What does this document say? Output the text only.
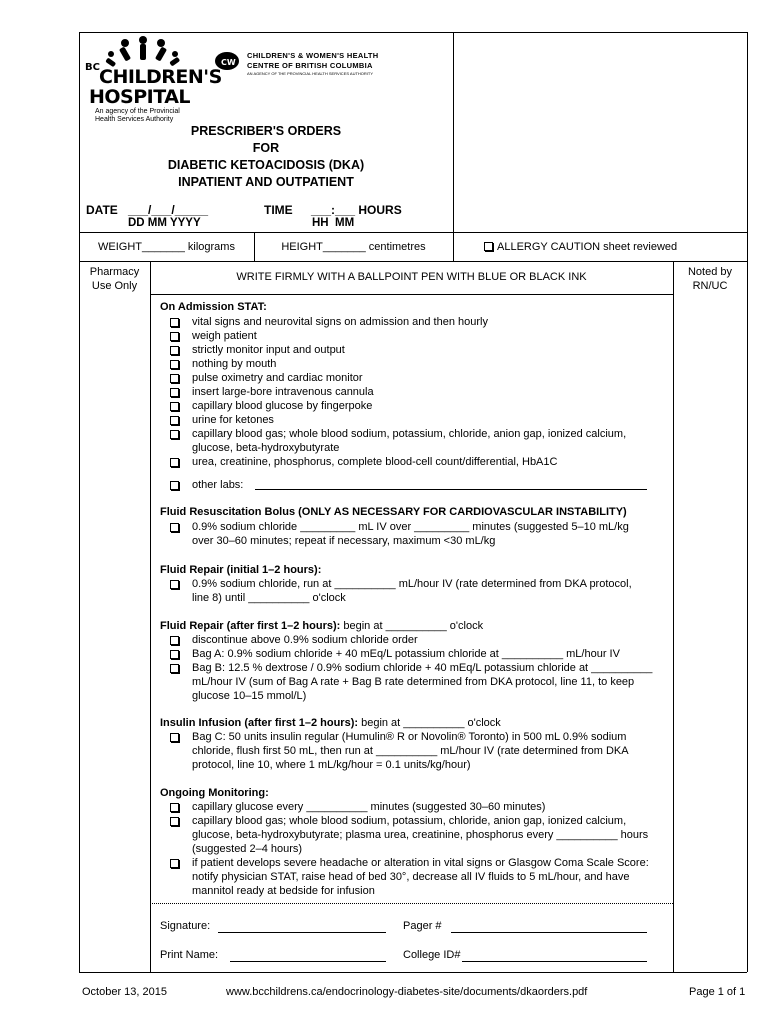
BC CHILDREN'S
HOSPITAL
An agency of the Provincial
Health Services Authority
CW
CHILDREN'S & WOMEN'S HEALTH
CENTRE OF BRITISH COLUMBIA
AN AGENCY OF THE PROVINCIAL HEALTH SERVICES AUTHORITY
PRESCRIBER'S ORDERS
FOR
DIABETIC KETOACIDOSIS (DKA)
INPATIENT AND OUTPATIENT
DATE ___/___/_____
DD MM YYYY
TIME ___:___ HOURS
HH  MM
WEIGHT_______ kilograms	HEIGHT_______ centimetres	ALLERGY CAUTION sheet reviewed
Pharmacy
Use Only
WRITE FIRMLY WITH A BALLPOINT PEN WITH BLUE OR BLACK INK	Noted by
RN/UC
On Admission STAT:
vital signs and neurovital signs on admission and then hourly
weigh patient
strictly monitor input and output
nothing by mouth
pulse oximetry and cardiac monitor
insert large-bore intravenous cannula
capillary blood glucose by fingerpoke
urine for ketones
capillary blood gas; whole blood sodium, potassium, chloride, anion gap, ionized calcium, glucose, beta-hydroxybutyrate
urea, creatinine, phosphorus, complete blood-cell count/differential, HbA1C
other labs:
Fluid Resuscitation Bolus (ONLY AS NECESSARY FOR CARDIOVASCULAR INSTABILITY)
0.9% sodium chloride _________ mL IV over _________ minutes (suggested 5–10 mL/kg over 30–60 minutes; repeat if necessary, maximum <30 mL/kg
Fluid Repair (initial 1–2 hours):
0.9% sodium chloride, run at __________ mL/hour IV (rate determined from DKA protocol, line 8) until __________ o'clock
Fluid Repair (after first 1–2 hours): begin at __________ o'clock
discontinue above 0.9% sodium chloride order
Bag A: 0.9% sodium chloride + 40 mEq/L potassium chloride at __________ mL/hour IV
Bag B: 12.5 % dextrose / 0.9% sodium chloride + 40 mEq/L potassium chloride at __________ mL/hour IV (sum of Bag A rate + Bag B rate determined from DKA protocol, line 11, to keep glucose 10–15 mmol/L)
Insulin Infusion (after first 1–2 hours): begin at __________ o'clock
Bag C: 50 units insulin regular (Humulin® R or Novolin® Toronto) in 500 mL 0.9% sodium chloride, flush first 50 mL, then run at __________ mL/hour IV (rate determined from DKA protocol, line 10, where 1 mL/kg/hour = 0.1 units/kg/hour)
Ongoing Monitoring:
capillary glucose every __________ minutes (suggested 30–60 minutes)
capillary blood gas; whole blood sodium, potassium, chloride, anion gap, ionized calcium, glucose, beta-hydroxybutyrate; plasma urea, creatinine, phosphorus every __________ hours (suggested 2–4 hours)
if patient develops severe headache or alteration in vital signs or Glasgow Coma Scale Score: notify physician STAT, raise head of bed 30°, decrease all IV fluids to 5 mL/hour, and have mannitol ready at bedside for infusion
Signature:	Pager #
Print Name:	College ID#
October 13, 2015	www.bcchildrens.ca/endocrinology-diabetes-site/documents/dkaorders.pdf	Page 1 of 1
